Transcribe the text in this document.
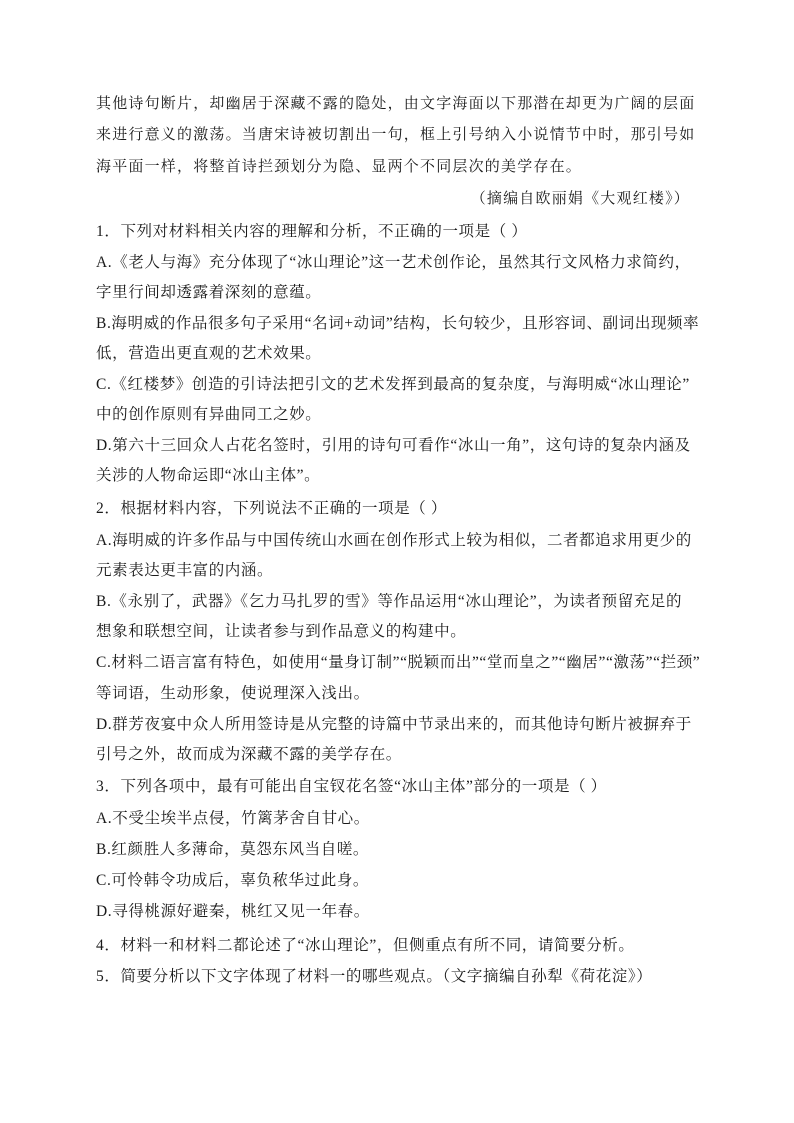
其他诗句断片，却幽居于深藏不露的隐处，由文字海面以下那潜在却更为广阔的层面
来进行意义的激荡。当唐宋诗被切割出一句，框上引号纳入小说情节中时，那引号如
海平面一样，将整首诗拦颈划分为隐、显两个不同层次的美学存在。
（摘编自欧丽娟《大观红楼》）
1．下列对材料相关内容的理解和分析，不正确的一项是（ ）
A.《老人与海》充分体现了“冰山理论”这一艺术创作论，虽然其行文风格力求简约，
字里行间却透露着深刻的意蕴。
B.海明威的作品很多句子采用“名词+动词”结构，长句较少，且形容词、副词出现频率
低，营造出更直观的艺术效果。
C.《红楼梦》创造的引诗法把引文的艺术发挥到最高的复杂度，与海明威“冰山理论”
中的创作原则有异曲同工之妙。
D.第六十三回众人占花名签时，引用的诗句可看作“冰山一角”，这句诗的复杂内涵及
关涉的人物命运即“冰山主体”。
2．根据材料内容，下列说法不正确的一项是（ ）
A.海明威的许多作品与中国传统山水画在创作形式上较为相似，二者都追求用更少的
元素表达更丰富的内涵。
B.《永别了，武器》《乞力马扎罗的雪》等作品运用“冰山理论”，为读者预留充足的
想象和联想空间，让读者参与到作品意义的构建中。
C.材料二语言富有特色，如使用“量身订制”“脱颖而出”“堂而皇之”“幽居”“激荡”“拦颈”
等词语，生动形象，使说理深入浅出。
D.群芳夜宴中众人所用签诗是从完整的诗篇中节录出来的，而其他诗句断片被摒弃于
引号之外，故而成为深藏不露的美学存在。
3．下列各项中，最有可能出自宝钗花名签“冰山主体”部分的一项是（ ）
A.不受尘埃半点侵，竹篱茅舍自甘心。
B.红颜胜人多薄命，莫怨东风当自嗟。
C.可怜韩令功成后，辜负秾华过此身。
D.寻得桃源好避秦，桃红又见一年春。
4．材料一和材料二都论述了“冰山理论”，但侧重点有所不同，请简要分析。
5．简要分析以下文字体现了材料一的哪些观点。（文字摘编自孙犁《荷花淀》）
